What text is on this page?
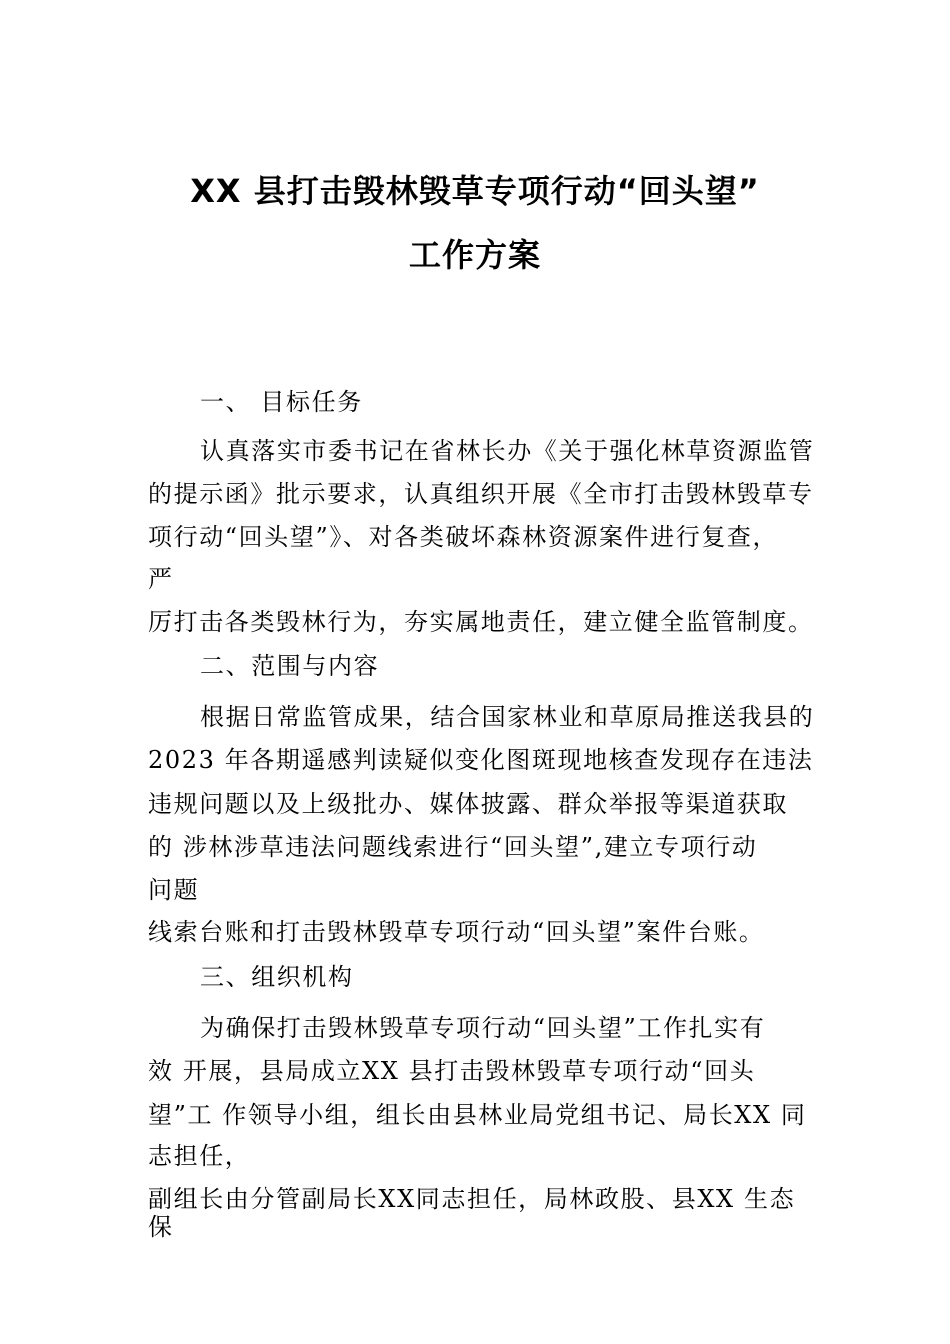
XX 县打击毁林毁草专项行动“回头望”
工作方案
一、 目标任务
认真落实市委书记在省林长办《关于强化林草资源监管
的提示函》批示要求，认真组织开展《全市打击毁林毁草专
项行动“回头望”》、对各类破坏森林资源案件进行复查，
严
厉打击各类毁林行为，夯实属地责任，建立健全监管制度。
二、范围与内容
根据日常监管成果，结合国家林业和草原局推送我县的
2023 年各期遥感判读疑似变化图斑现地核查发现存在违法
违规问题以及上级批办、媒体披露、群众举报等渠道获取
的 涉林涉草违法问题线索进行“回头望”,建立专项行动
问题
线索台账和打击毁林毁草专项行动“回头望”案件台账。
三、组织机构
为确保打击毁林毁草专项行动“回头望”工作扎实有
效 开展，县局成立XX 县打击毁林毁草专项行动“回头
望”工 作领导小组，组长由县林业局党组书记、局长XX 同
志担任，
副组长由分管副局长XX同志担任，局林政股、县XX 生态
保
